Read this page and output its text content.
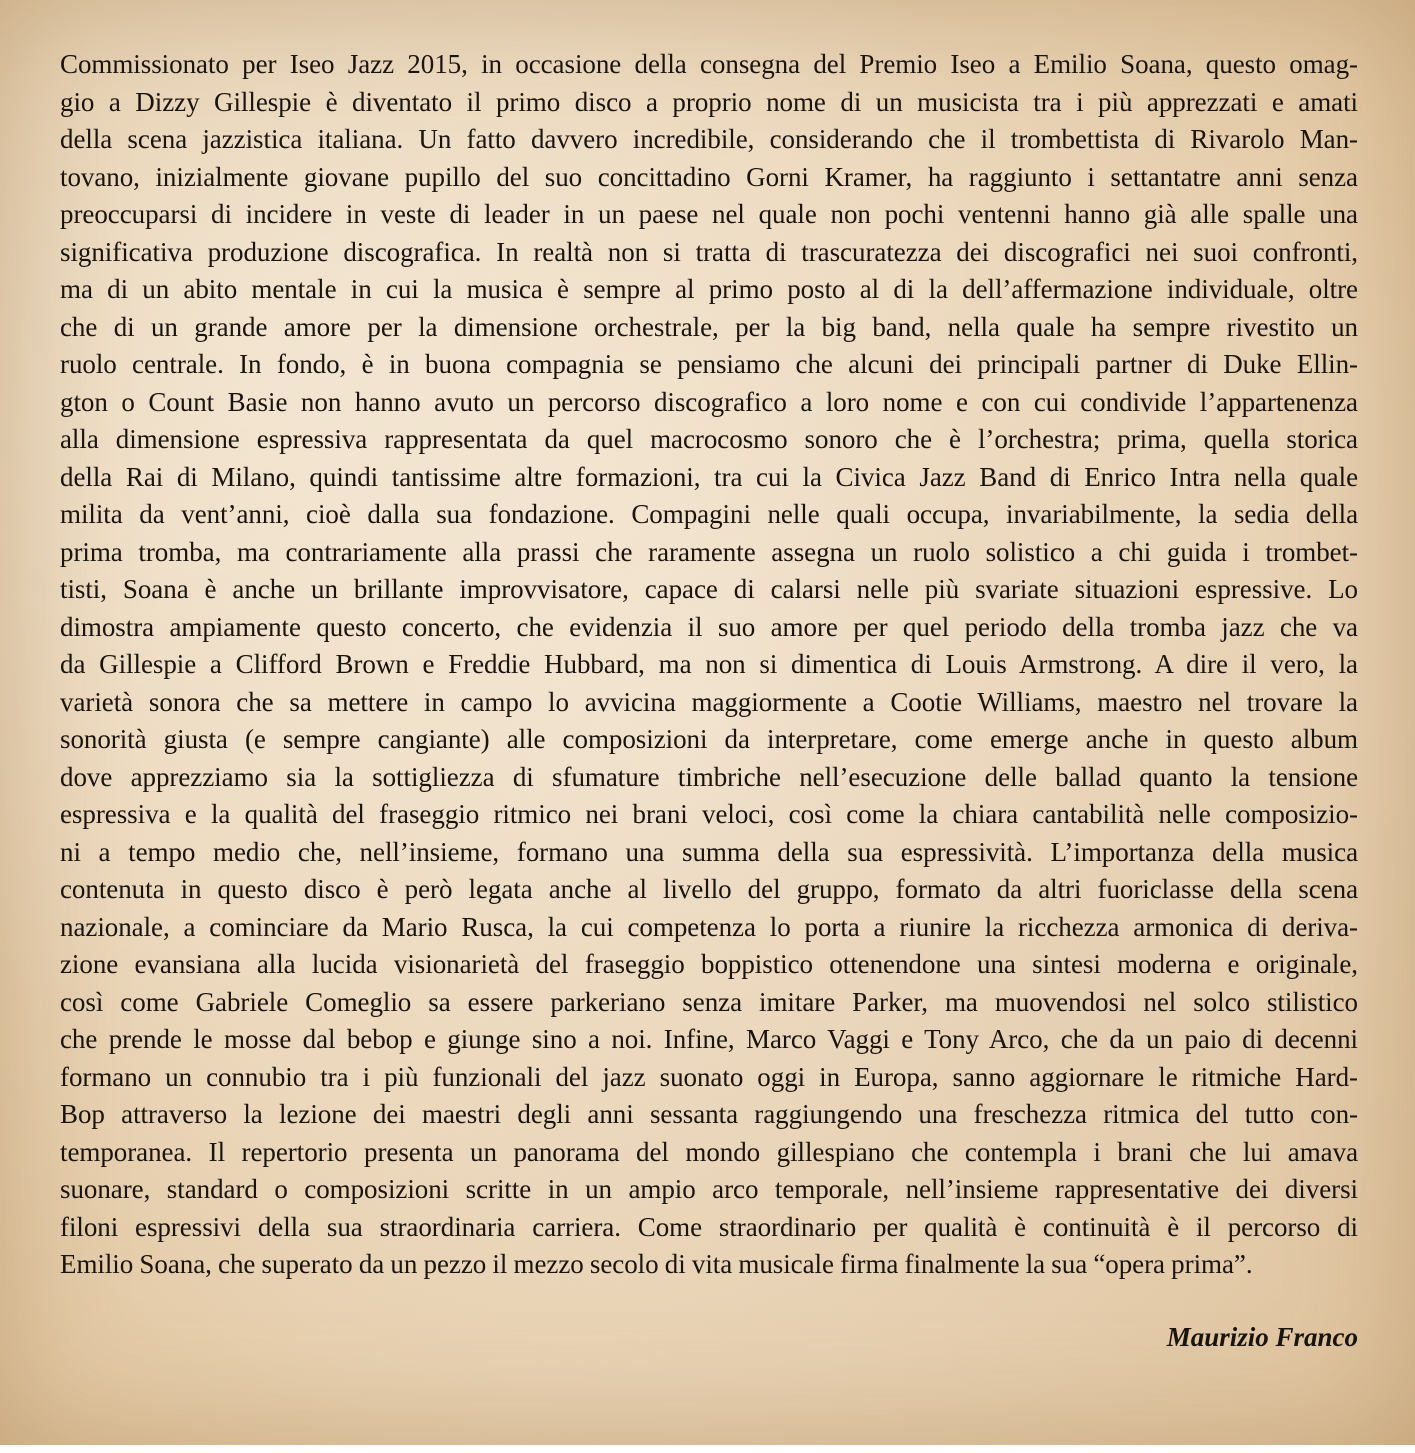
Commissionato per Iseo Jazz 2015, in occasione della consegna del Premio Iseo a Emilio Soana, questo omag-
gio a Dizzy Gillespie è diventato il primo disco a proprio nome di un musicista tra i più apprezzati e amati
della scena jazzistica italiana. Un fatto davvero incredibile, considerando che il trombettista di Rivarolo Man-
tovano, inizialmente giovane pupillo del suo concittadino Gorni Kramer, ha raggiunto i settantatre anni senza
preoccuparsi di incidere in veste di leader in un paese nel quale non pochi ventenni hanno già alle spalle una
significativa produzione discografica. In realtà non si tratta di trascuratezza dei discografici nei suoi confronti,
ma di un abito mentale in cui la musica è sempre al primo posto al di la dell’affermazione individuale, oltre
che di un grande amore per la dimensione orchestrale, per la big band, nella quale ha sempre rivestito un
ruolo centrale. In fondo, è in buona compagnia se pensiamo che alcuni dei principali partner di Duke Ellin-
gton o Count Basie non hanno avuto un percorso discografico a loro nome e con cui condivide l’appartenenza
alla dimensione espressiva rappresentata da quel macrocosmo sonoro che è l’orchestra; prima, quella storica
della Rai di Milano, quindi tantissime altre formazioni, tra cui la Civica Jazz Band di Enrico Intra nella quale
milita da vent’anni, cioè dalla sua fondazione. Compagini nelle quali occupa, invariabilmente, la sedia della
prima tromba, ma contrariamente alla prassi che raramente assegna un ruolo solistico a chi guida i trombet-
tisti, Soana è anche un brillante improvvisatore, capace di calarsi nelle più svariate situazioni espressive. Lo
dimostra ampiamente questo concerto, che evidenzia il suo amore per quel periodo della tromba jazz che va
da Gillespie a Clifford Brown e Freddie Hubbard, ma non si dimentica di Louis Armstrong. A dire il vero, la
varietà sonora che sa mettere in campo lo avvicina maggiormente a Cootie Williams, maestro nel trovare la
sonorità giusta (e sempre cangiante) alle composizioni da interpretare, come emerge anche in questo album
dove apprezziamo sia la sottigliezza di sfumature timbriche nell’esecuzione delle ballad quanto la tensione
espressiva e la qualità del fraseggio ritmico nei brani veloci, così come la chiara cantabilità nelle composizio-
ni a tempo medio che, nell’insieme, formano una summa della sua espressività. L’importanza della musica
contenuta in questo disco è però legata anche al livello del gruppo, formato da altri fuoriclasse della scena
nazionale, a cominciare da Mario Rusca, la cui competenza lo porta a riunire la ricchezza armonica di deriva-
zione evansiana alla lucida visionarietà del fraseggio boppistico ottenendone una sintesi moderna e originale,
così come Gabriele Comeglio sa essere parkeriano senza imitare Parker, ma muovendosi nel solco stilistico
che prende le mosse dal bebop e giunge sino a noi. Infine, Marco Vaggi e Tony Arco, che da un paio di decenni
formano un connubio tra i più funzionali del jazz suonato oggi in Europa, sanno aggiornare le ritmiche Hard-
Bop attraverso la lezione dei maestri degli anni sessanta raggiungendo una freschezza ritmica del tutto con-
temporanea. Il repertorio presenta un panorama del mondo gillespiano che contempla i brani che lui amava
suonare, standard o composizioni scritte in un ampio arco temporale, nell’insieme rappresentative dei diversi
filoni espressivi della sua straordinaria carriera. Come straordinario per qualità è continuità è il percorso di
Emilio Soana, che superato da un pezzo il mezzo secolo di vita musicale firma finalmente la sua “opera prima”.
Maurizio Franco
